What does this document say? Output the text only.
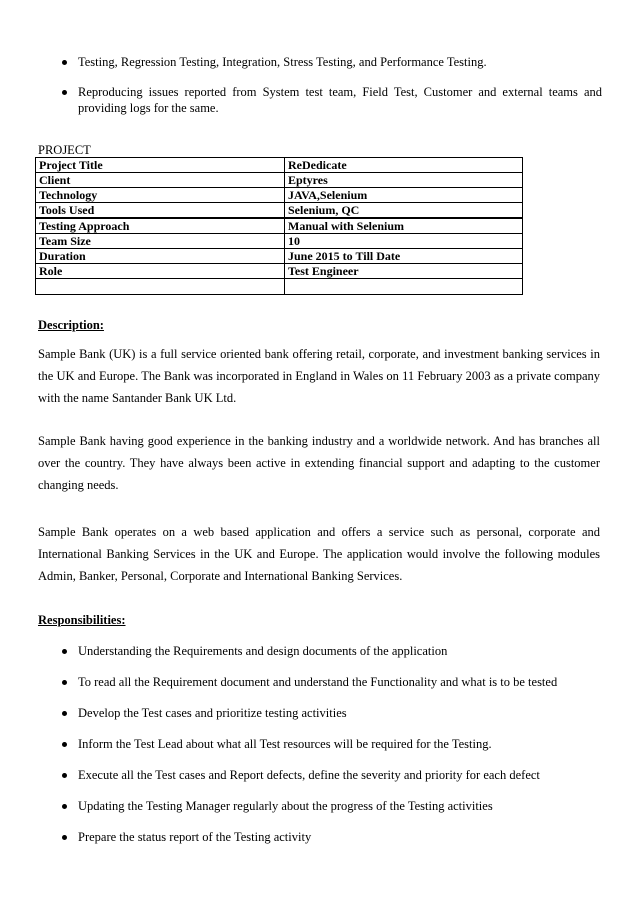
Testing, Regression Testing, Integration, Stress Testing, and Performance Testing.
Reproducing issues reported from System test team, Field Test, Customer and external teams and providing logs for the same.
PROJECT
Project Title	ReDedicate
Client	Eptyres
Technology	JAVA,Selenium
Tools Used	Selenium, QC
Testing Approach	Manual with Selenium
Team Size	10
Duration	June 2015 to Till Date
Role	Test Engineer

Description:

Sample Bank (UK) is a full service oriented bank offering retail, corporate, and investment banking services in the UK and Europe. The Bank was incorporated in England in Wales on 11 February 2003 as a private company with the name Santander Bank UK Ltd.

Sample Bank having good experience in the banking industry and a worldwide network. And has branches all over the country. They have always been active in extending financial support and adapting to the customer changing needs.

Sample Bank operates on a web based application and offers a service such as personal, corporate and International Banking Services in the UK and Europe. The application would involve the following modules Admin, Banker, Personal, Corporate and International Banking Services.

Responsibilities:
Understanding the Requirements and design documents of the application
To read all the Requirement document and understand the Functionality and what is to be tested
Develop the Test cases and prioritize testing activities
Inform the Test Lead about what all Test resources will be required for the Testing.
Execute all the Test cases and Report defects, define the severity and priority for each defect
Updating the Testing Manager regularly about the progress of the Testing activities
Prepare the status report of the Testing activity
